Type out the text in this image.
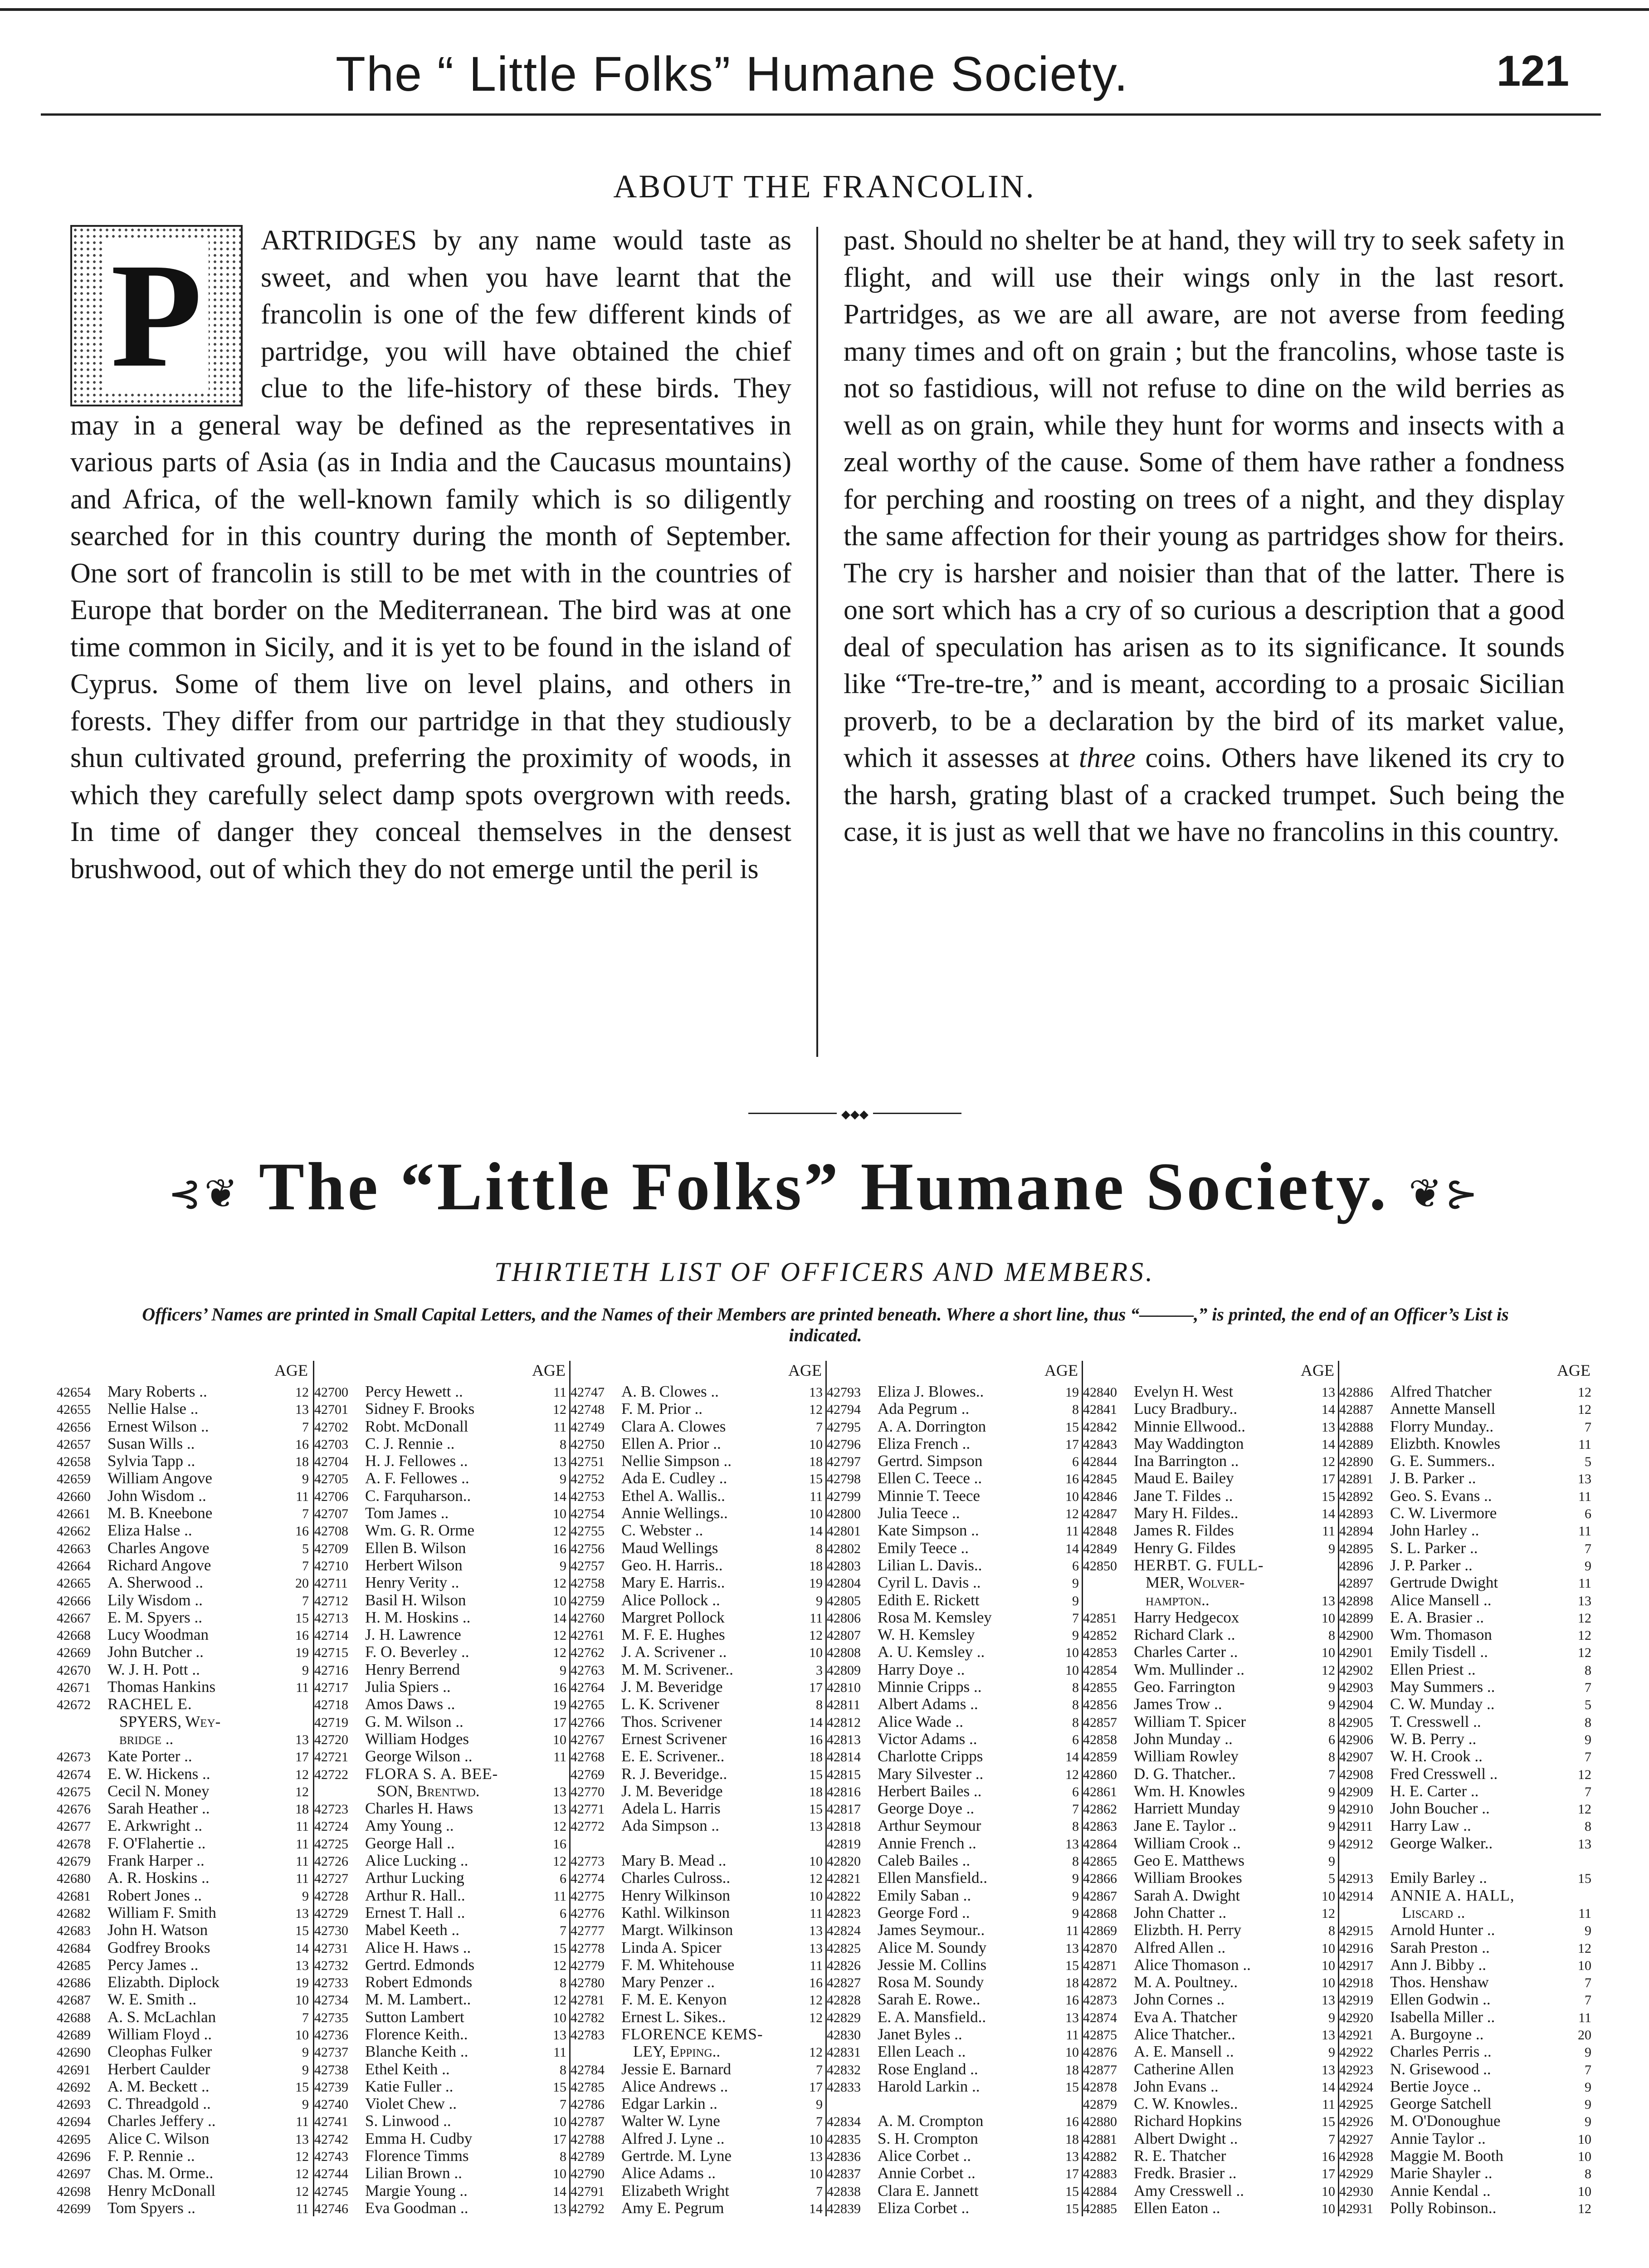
The “ Little Folks” Humane Society.	121
ABOUT THE FRANCOLIN.
P	ARTRIDGES by any name would taste as sweet, and when you have learnt that the francolin is one of the few different kinds of partridge, you will have obtained the chief clue to the life-history of these birds. They may in a general way be defined as the representatives in various parts of Asia (as in India and the Caucasus mountains) and Africa, of the well-known family which is so diligently searched for in this country during the month of September. One sort of francolin is still to be met with in the countries of Europe that border on the Mediterranean. The bird was at one time common in Sicily, and it is yet to be found in the island of Cyprus. Some of them live on level plains, and others in forests. They differ from our partridge in that they studiously shun cultivated ground, preferring the proximity of woods, in which they carefully select damp spots overgrown with reeds. In time of danger they conceal themselves in the densest brushwood, out of which they do not emerge until the peril is

past. Should no shelter be at hand, they will try to seek safety in flight, and will use their wings only in the last resort. Partridges, as we are all aware, are not averse from feeding many times and oft on grain ; but the francolins, whose taste is not so fastidious, will not refuse to dine on the wild berries as well as on grain, while they hunt for worms and insects with a zeal worthy of the cause. Some of them have rather a fondness for perching and roosting on trees of a night, and they display the same affection for their young as partridges show for theirs. The cry is harsher and noisier than that of the latter. There is one sort which has a cry of so curious a description that a good deal of speculation has arisen as to its significance. It sounds like “Tre-tre-tre,” and is meant, according to a prosaic Sicilian proverb, to be a declaration by the bird of its market value, which it assesses at three coins. Others have likened its cry to the harsh, grating blast of a cracked trumpet. Such being the case, it is just as well that we have no francolins in this country.

◆◆◆
⊰❦ The “Little Folks” Humane Society. ❦⊱
THIRTIETH LIST OF OFFICERS AND MEMBERS.
Officers’ Names are printed in Small Capital Letters, and the Names of their Members are printed beneath. Where a short line, thus “———,” is printed, the end of an Officer’s List is indicated.
AGE
42654	Mary Roberts ..	12
42655	Nellie Halse ..	13
42656	Ernest Wilson ..	7
42657	Susan Wills ..	16
42658	Sylvia Tapp ..	18
42659	William Angove	9
42660	John Wisdom ..	11
42661	M. B. Kneebone	7
42662	Eliza Halse ..	16
42663	Charles Angove	5
42664	Richard Angove	7
42665	A. Sherwood ..	20
42666	Lily Wisdom ..	7
42667	E. M. Spyers ..	15
42668	Lucy Woodman	16
42669	John Butcher ..	19
42670	W. J. H. Pott ..	9
42671	Thomas Hankins	11
42672	RACHEL E.
SPYERS, Wey-
bridge ..	13
42673	Kate Porter ..	17
42674	E. W. Hickens ..	12
42675	Cecil N. Money	12
42676	Sarah Heather ..	18
42677	E. Arkwright ..	11
42678	F. O'Flahertie ..	11
42679	Frank Harper ..	11
42680	A. R. Hoskins ..	11
42681	Robert Jones ..	9
42682	William F. Smith	13
42683	John H. Watson	15
42684	Godfrey Brooks	14
42685	Percy James ..	13
42686	Elizabth. Diplock	19
42687	W. E. Smith ..	10
42688	A. S. McLachlan	7
42689	William Floyd ..	10
42690	Cleophas Fulker	9
42691	Herbert Caulder	9
42692	A. M. Beckett ..	15
42693	C. Threadgold ..	9
42694	Charles Jeffery ..	11
42695	Alice C. Wilson	13
42696	F. P. Rennie ..	12
42697	Chas. M. Orme..	12
42698	Henry McDonall	12
42699	Tom Spyers ..	11
AGE
42700	Percy Hewett ..	11
42701	Sidney F. Brooks	12
42702	Robt. McDonall	11
42703	C. J. Rennie ..	8
42704	H. J. Fellowes ..	13
42705	A. F. Fellowes ..	9
42706	C. Farquharson..	14
42707	Tom James ..	10
42708	Wm. G. R. Orme	12
42709	Ellen B. Wilson	16
42710	Herbert Wilson	9
42711	Henry Verity ..	12
42712	Basil H. Wilson	10
42713	H. M. Hoskins ..	14
42714	J. H. Lawrence	12
42715	F. O. Beverley ..	12
42716	Henry Berrend	9
42717	Julia Spiers ..	16
42718	Amos Daws ..	19
42719	G. M. Wilson ..	17
42720	William Hodges	10
42721	George Wilson ..	11
42722	FLORA S. A. BEE-
SON, Brentwd.	13
42723	Charles H. Haws	13
42724	Amy Young ..	12
42725	George Hall ..	16
42726	Alice Lucking ..	12
42727	Arthur Lucking	6
42728	Arthur R. Hall..	11
42729	Ernest T. Hall ..	6
42730	Mabel Keeth ..	7
42731	Alice H. Haws ..	15
42732	Gertrd. Edmonds	12
42733	Robert Edmonds	8
42734	M. M. Lambert..	12
42735	Sutton Lambert	10
42736	Florence Keith..	13
42737	Blanche Keith ..	11
42738	Ethel Keith ..	8
42739	Katie Fuller ..	15
42740	Violet Chew ..	7
42741	S. Linwood ..	10
42742	Emma H. Cudby	17
42743	Florence Timms	8
42744	Lilian Brown ..	10
42745	Margie Young ..	14
42746	Eva Goodman ..	13
AGE
42747	A. B. Clowes ..	13
42748	F. M. Prior ..	12
42749	Clara A. Clowes	7
42750	Ellen A. Prior ..	10
42751	Nellie Simpson ..	18
42752	Ada E. Cudley ..	15
42753	Ethel A. Wallis..	11
42754	Annie Wellings..	10
42755	C. Webster ..	14
42756	Maud Wellings	8
42757	Geo. H. Harris..	18
42758	Mary E. Harris..	19
42759	Alice Pollock ..	9
42760	Margret Pollock	11
42761	M. F. E. Hughes	12
42762	J. A. Scrivener ..	10
42763	M. M. Scrivener..	3
42764	J. M. Beveridge	17
42765	L. K. Scrivener	8
42766	Thos. Scrivener	14
42767	Ernest Scrivener	16
42768	E. E. Scrivener..	18
42769	R. J. Beveridge..	15
42770	J. M. Beveridge	18
42771	Adela L. Harris	15
42772	Ada Simpson ..	13
42773	Mary B. Mead ..	10
42774	Charles Culross..	12
42775	Henry Wilkinson	10
42776	Kathl. Wilkinson	11
42777	Margt. Wilkinson	13
42778	Linda A. Spicer	13
42779	F. M. Whitehouse	11
42780	Mary Penzer ..	16
42781	F. M. E. Kenyon	12
42782	Ernest L. Sikes..	12
42783	FLORENCE KEMS-
LEY, Epping..	12
42784	Jessie E. Barnard	7
42785	Alice Andrews ..	17
42786	Edgar Larkin ..	9
42787	Walter W. Lyne	7
42788	Alfred J. Lyne ..	10
42789	Gertrde. M. Lyne	13
42790	Alice Adams ..	10
42791	Elizabeth Wright	7
42792	Amy E. Pegrum	14
AGE
42793	Eliza J. Blowes..	19
42794	Ada Pegrum ..	8
42795	A. A. Dorrington	15
42796	Eliza French ..	17
42797	Gertrd. Simpson	6
42798	Ellen C. Teece ..	16
42799	Minnie T. Teece	10
42800	Julia Teece ..	12
42801	Kate Simpson ..	11
42802	Emily Teece ..	14
42803	Lilian L. Davis..	6
42804	Cyril L. Davis ..	9
42805	Edith E. Rickett	9
42806	Rosa M. Kemsley	7
42807	W. H. Kemsley	9
42808	A. U. Kemsley ..	10
42809	Harry Doye ..	10
42810	Minnie Cripps ..	8
42811	Albert Adams ..	8
42812	Alice Wade ..	8
42813	Victor Adams ..	6
42814	Charlotte Cripps	14
42815	Mary Silvester ..	12
42816	Herbert Bailes ..	6
42817	George Doye ..	7
42818	Arthur Seymour	8
42819	Annie French ..	13
42820	Caleb Bailes ..	8
42821	Ellen Mansfield..	9
42822	Emily Saban ..	9
42823	George Ford ..	9
42824	James Seymour..	11
42825	Alice M. Soundy	13
42826	Jessie M. Collins	15
42827	Rosa M. Soundy	18
42828	Sarah E. Rowe..	16
42829	E. A. Mansfield..	13
42830	Janet Byles ..	11
42831	Ellen Leach ..	10
42832	Rose England ..	18
42833	Harold Larkin ..	15
42834	A. M. Crompton	16
42835	S. H. Crompton	18
42836	Alice Corbet ..	13
42837	Annie Corbet ..	17
42838	Clara E. Jannett	15
42839	Eliza Corbet ..	15
AGE
42840	Evelyn H. West	13
42841	Lucy Bradbury..	14
42842	Minnie Ellwood..	13
42843	May Waddington	14
42844	Ina Barrington ..	12
42845	Maud E. Bailey	17
42846	Jane T. Fildes ..	15
42847	Mary H. Fildes..	14
42848	James R. Fildes	11
42849	Henry G. Fildes	9
42850	HERBT. G. FULL-
MER, Wolver-
hampton..	13
42851	Harry Hedgecox	10
42852	Richard Clark ..	8
42853	Charles Carter ..	10
42854	Wm. Mullinder ..	12
42855	Geo. Farrington	9
42856	James Trow ..	9
42857	William T. Spicer	8
42858	John Munday ..	6
42859	William Rowley	8
42860	D. G. Thatcher..	7
42861	Wm. H. Knowles	9
42862	Harriett Munday	9
42863	Jane E. Taylor ..	9
42864	William Crook ..	9
42865	Geo E. Matthews	9
42866	William Brookes	5
42867	Sarah A. Dwight	10
42868	John Chatter ..	12
42869	Elizbth. H. Perry	8
42870	Alfred Allen ..	10
42871	Alice Thomason ..	10
42872	M. A. Poultney..	10
42873	John Cornes ..	13
42874	Eva A. Thatcher	9
42875	Alice Thatcher..	13
42876	A. E. Mansell ..	9
42877	Catherine Allen	13
42878	John Evans ..	14
42879	C. W. Knowles..	11
42880	Richard Hopkins	15
42881	Albert Dwight ..	7
42882	R. E. Thatcher	16
42883	Fredk. Brasier ..	17
42884	Amy Cresswell ..	10
42885	Ellen Eaton ..	10
AGE
42886	Alfred Thatcher	12
42887	Annette Mansell	12
42888	Florry Munday..	7
42889	Elizbth. Knowles	11
42890	G. E. Summers..	5
42891	J. B. Parker ..	13
42892	Geo. S. Evans ..	11
42893	C. W. Livermore	6
42894	John Harley ..	11
42895	S. L. Parker ..	7
42896	J. P. Parker ..	9
42897	Gertrude Dwight	11
42898	Alice Mansell ..	13
42899	E. A. Brasier ..	12
42900	Wm. Thomason	12
42901	Emily Tisdell ..	12
42902	Ellen Priest ..	8
42903	May Summers ..	7
42904	C. W. Munday ..	5
42905	T. Cresswell ..	8
42906	W. B. Perry ..	9
42907	W. H. Crook ..	7
42908	Fred Cresswell ..	12
42909	H. E. Carter ..	7
42910	John Boucher ..	12
42911	Harry Law ..	8
42912	George Walker..	13
42913	Emily Barley ..	15
42914	ANNIE A. HALL,
Liscard ..	11
42915	Arnold Hunter ..	9
42916	Sarah Preston ..	12
42917	Ann J. Bibby ..	10
42918	Thos. Henshaw	7
42919	Ellen Godwin ..	7
42920	Isabella Miller ..	11
42921	A. Burgoyne ..	20
42922	Charles Perris ..	9
42923	N. Grisewood ..	7
42924	Bertie Joyce ..	9
42925	George Satchell	9
42926	M. O'Donoughue	9
42927	Annie Taylor ..	10
42928	Maggie M. Booth	10
42929	Marie Shayler ..	8
42930	Annie Kendal ..	10
42931	Polly Robinson..	12
